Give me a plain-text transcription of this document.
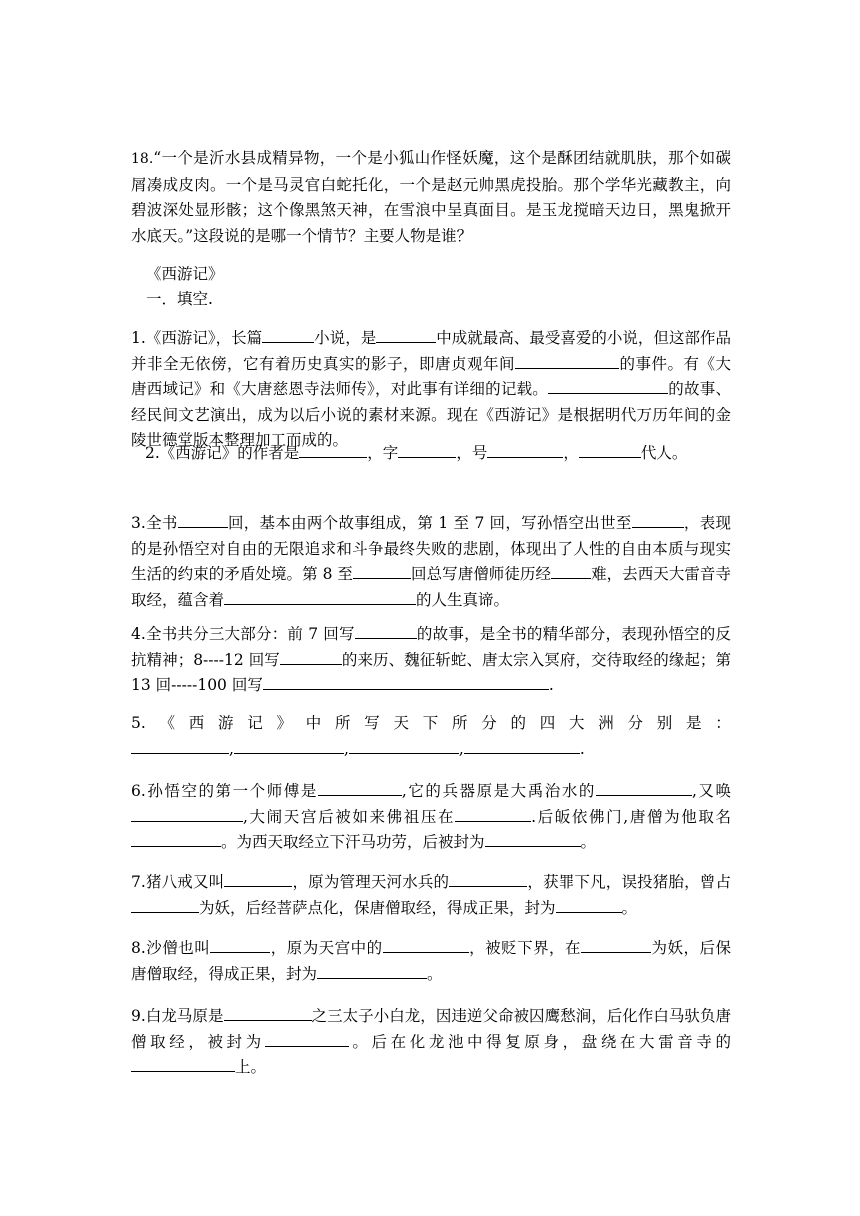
18.“一个是沂水县成精异物，一个是小狐山作怪妖魔，这个是酥团结就肌肤，那个如碳屑凑成皮肉。一个是马灵官白蛇托化，一个是赵元帅黑虎投胎。那个学华光藏教主，向碧波深处显形骸；这个像黑煞天神，在雪浪中呈真面目。是玉龙搅暗天边日，黑鬼掀开水底天。”这段说的是哪一个情节？主要人物是谁？

《西游记》
一．填空.

1.《西游记》，长篇	小说，是	中成就最高、最受喜爱的小说，但这部作品并非全无依傍，它有着历史真实的影子，即唐贞观年间	的事件。有《大唐西域记》和《大唐慈恩寺法师传》，对此事有详细的记载。	的故事、经民间文艺演出，成为以后小说的素材来源。现在《西游记》是根据明代万历年间的金陵世德堂版本整理加工而成的。

2.《西游记》的作者是	，字	，号	，	代人。

3.全书	回，基本由两个故事组成，第 1 至 7 回，写孙悟空出世至	，表现的是孙悟空对自由的无限追求和斗争最终失败的悲剧，体现出了人性的自由本质与现实生活的约束的矛盾处境。第 8 至	回总写唐僧师徒历经	难，去西天大雷音寺取经，蕴含着	的人生真谛。

4.全书共分三大部分：前 7 回写	的故事，是全书的精华部分，表现孙悟空的反抗精神；8----12 回写	的来历、魏征斩蛇、唐太宗入冥府，交待取经的缘起；第 13 回-----100 回写	.

5. 《 西 游 记 》 中 所 写 天 下 所 分 的 四 大 洲 分 别 是 ：
,	,	,	.

6.孙悟空的第一个师傅是	,它的兵器原是大禹治水的	,又唤,大闹天宫后被如来佛祖压在	.后皈依佛门,唐僧为他取名。为西天取经立下汗马功劳，后被封为	。

7.猪八戒又叫	，原为管理天河水兵的	，获罪下凡，误投猪胎，曾占为妖，后经菩萨点化，保唐僧取经，得成正果，封为	。

8.沙僧也叫	，原为天宫中的	，被贬下界，在	为妖，后保唐僧取经，得成正果，封为	。

9.白龙马原是	之三太子小白龙，因违逆父命被囚鹰愁涧，后化作白马驮负唐僧取经，被封为	。后在化龙池中得复原身，盘绕在大雷音寺的上。
